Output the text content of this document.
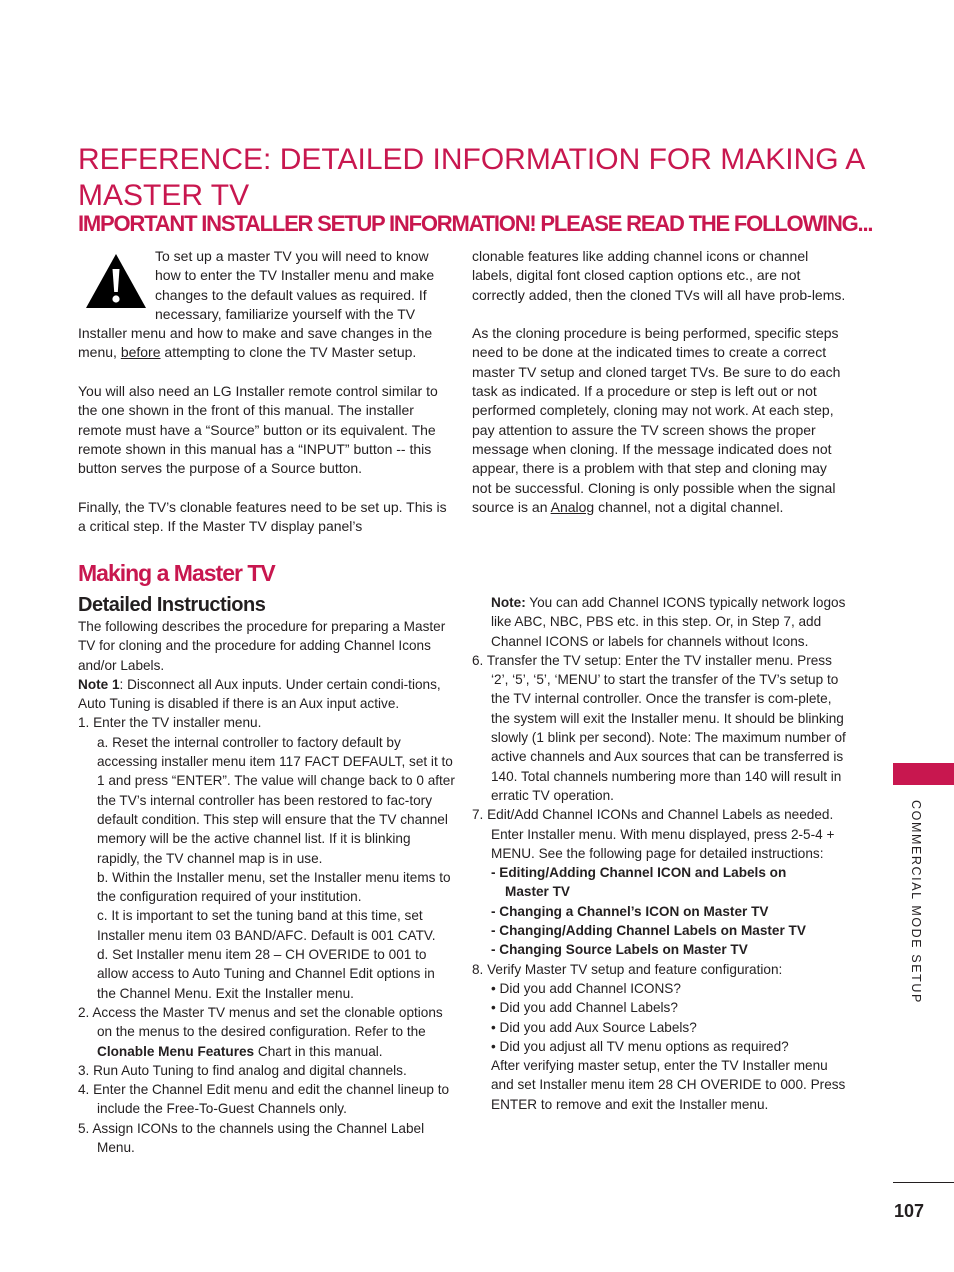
REFERENCE: DETAILED INFORMATION FOR MAKING A MASTER TV
IMPORTANT INSTALLER SETUP INFORMATION! PLEASE READ THE FOLLOWING...

To set up a master TV you will need to know how to enter the TV Installer menu and make changes to the default values as required. If necessary, familiarize yourself with the TV

Installer menu and how to make and save changes in the menu, before attempting to clone the TV Master setup.

You will also need an LG Installer remote control similar to the one shown in the front of this manual. The installer remote must have a “Source” button or its equivalent. The remote shown in this manual has a “INPUT” button -- this button serves the purpose of a Source button.

Finally, the TV’s clonable features need to be set up. This is a critical step. If the Master TV display panel’s

clonable features like adding channel icons or channel labels, digital font closed caption options etc., are not correctly added, then the cloned TVs will all have prob-lems.

As the cloning procedure is being performed, specific steps need to be done at the indicated times to create a correct master TV setup and cloned target TVs. Be sure to do each task as indicated. If a procedure or step is left out or not performed completely, cloning may not work. At each step, pay attention to assure the TV screen shows the proper message when cloning. If the message indicated does not appear, there is a problem with that step and cloning may not be successful. Cloning is only possible when the signal source is an Analog channel, not a digital channel.

Making a Master TV
Detailed Instructions

The following describes the procedure for preparing a Master TV for cloning and the procedure for adding Channel Icons and/or Labels.

Note 1: Disconnect all Aux inputs. Under certain condi-tions, Auto Tuning is disabled if there is an Aux input active.

1. Enter the TV installer menu.

a. Reset the internal controller to factory default by accessing installer menu item 117 FACT DEFAULT, set it to 1 and press “ENTER”. The value will change back to 0 after the TV’s internal controller has been restored to fac-tory default condition. This step will ensure that the TV channel memory will be the active channel list. If it is blinking rapidly, the TV channel map is in use.

b. Within the Installer menu, set the Installer menu items to the configuration required of your institution.

c. It is important to set the tuning band at this time, set Installer menu item 03 BAND/AFC. Default is 001 CATV.

d. Set Installer menu item 28 – CH OVERIDE to 001 to allow access to Auto Tuning and Channel Edit options in the Channel Menu. Exit the Installer menu.

2. Access the Master TV menus and set the clonable options on the menus to the desired configuration. Refer to the Clonable Menu Features Chart in this manual.

3. Run Auto Tuning to find analog and digital channels.

4. Enter the Channel Edit menu and edit the channel lineup to include the Free-To-Guest Channels only.

5. Assign ICONs to the channels using the Channel Label Menu.

Note: You can add Channel ICONS typically network logos like ABC, NBC, PBS etc. in this step. Or, in Step 7, add Channel ICONS or labels for channels without Icons.

6. Transfer the TV setup: Enter the TV installer menu. Press ‘2’, ‘5’, ‘5’, ‘MENU’ to start the transfer of the TV’s setup to the TV internal controller. Once the transfer is com-plete, the system will exit the Installer menu. It should be blinking slowly (1 blink per second). Note: The maximum number of active channels and Aux sources that can be transferred is 140. Total channels numbering more than 140 will result in erratic TV operation.

7. Edit/Add Channel ICONs and Channel Labels as needed. Enter Installer menu. With menu displayed, press 2-5-4 + MENU. See the following page for detailed instructions:

- Editing/Adding Channel ICON and Labels on
Master TV

- Changing a Channel’s ICON on Master TV

- Changing/Adding Channel Labels on Master TV

- Changing Source Labels on Master TV

8. Verify Master TV setup and feature configuration:

• Did you add Channel ICONS?

• Did you add Channel Labels?

• Did you add Aux Source Labels?

• Did you adjust all TV menu options as required?

After verifying master setup, enter the TV Installer menu and set Installer menu item 28 CH OVERIDE to 000. Press ENTER to remove and exit the Installer menu.

COMMERCIAL MODE SETUP
107
